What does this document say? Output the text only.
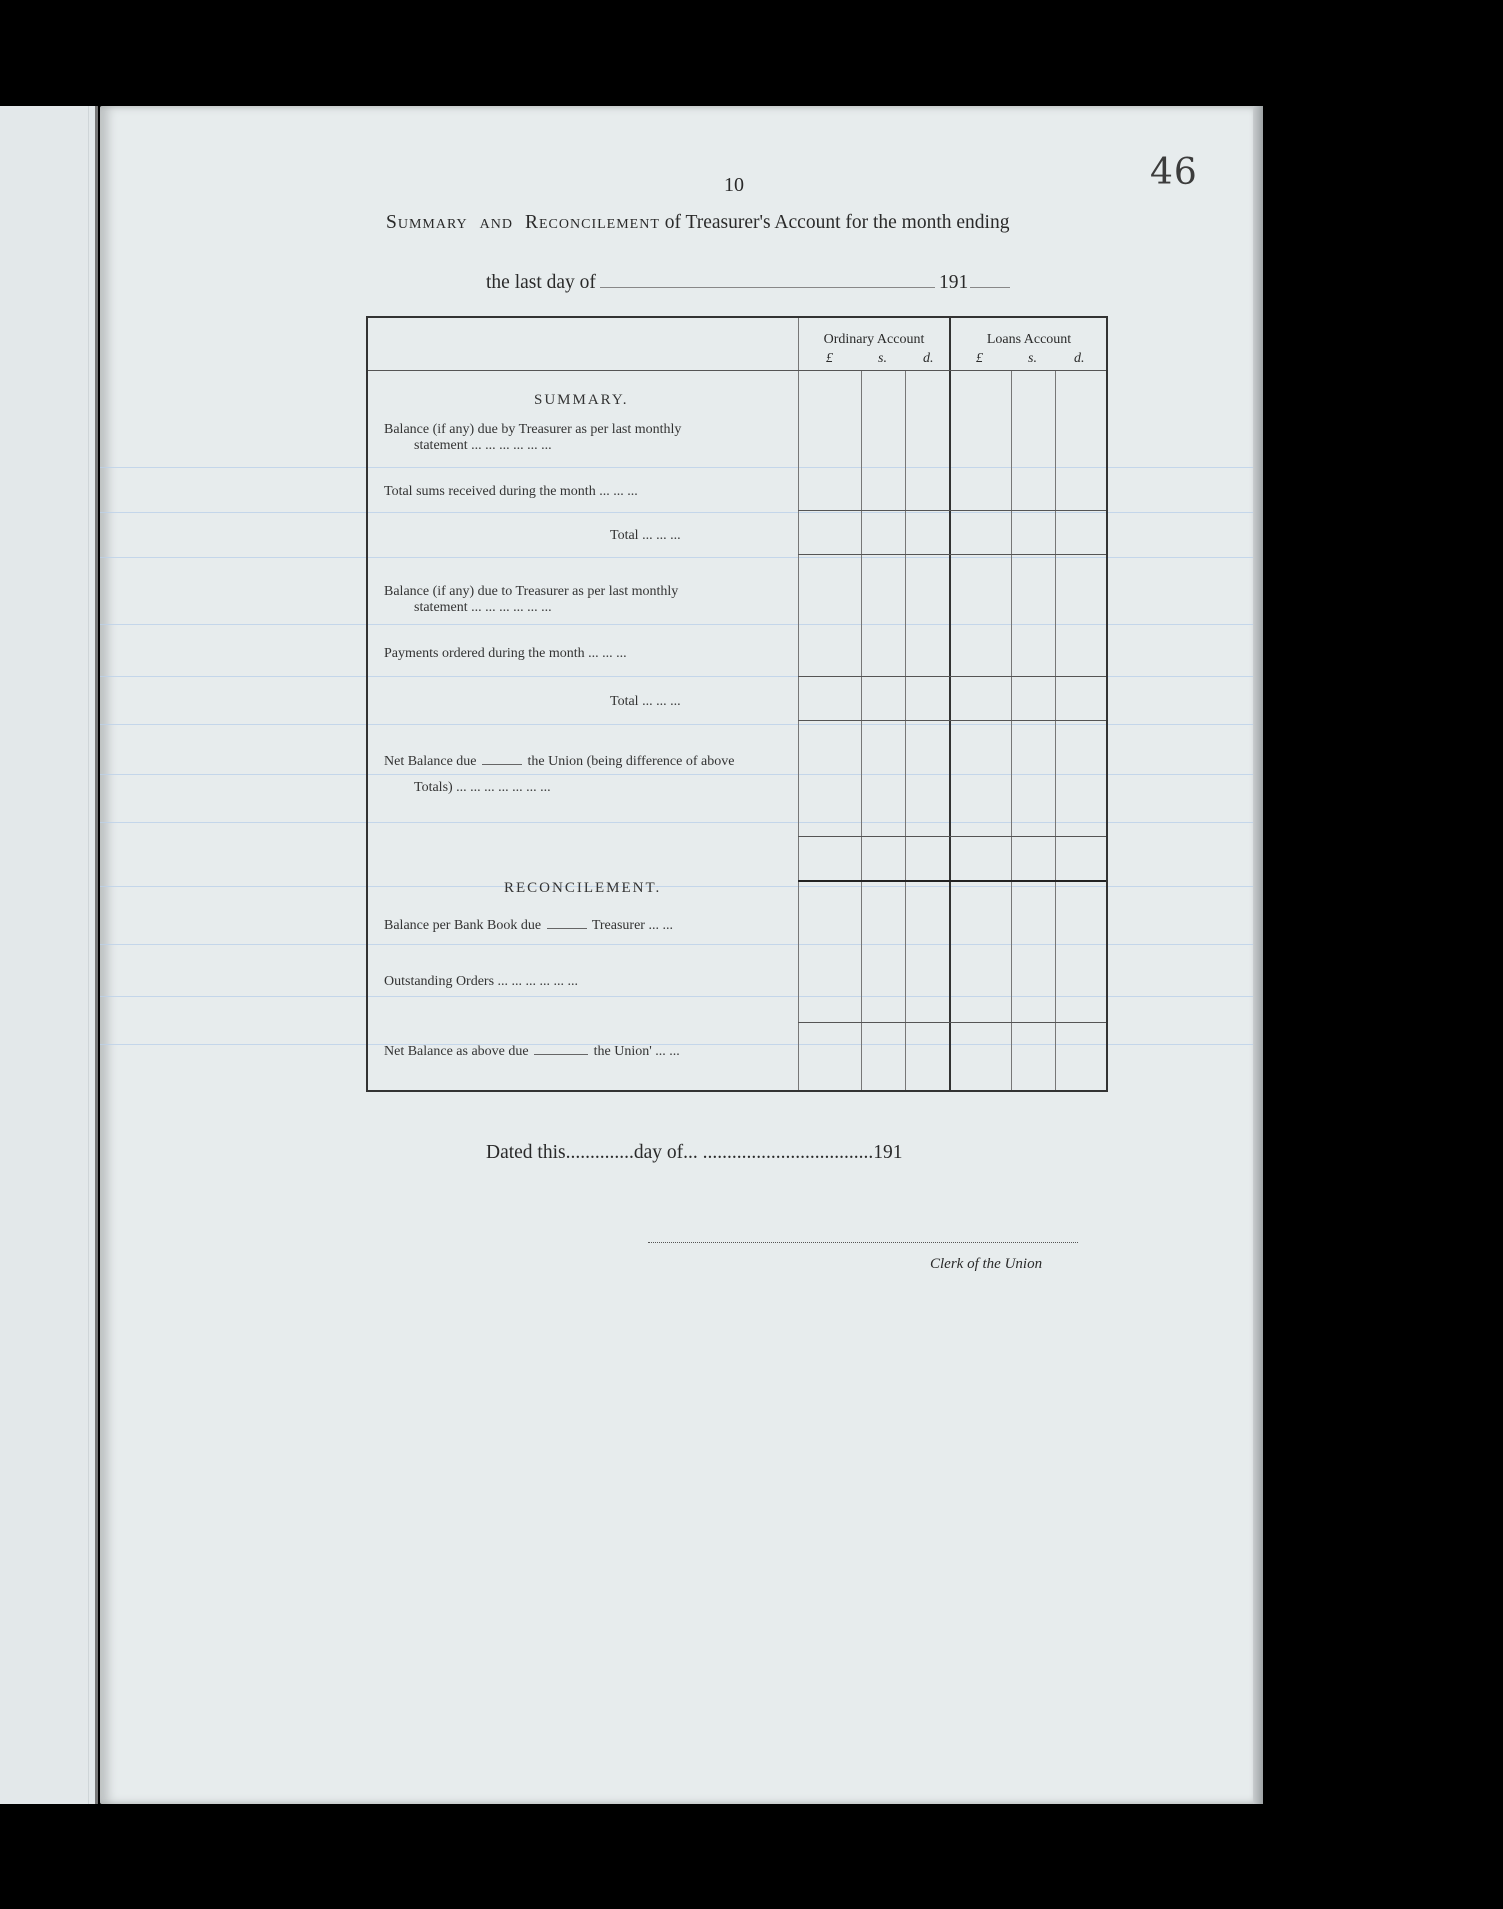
10	46
Summary and Reconcilement of Treasurer's Account for the month ending
the last day of	191
Ordinary Account	Loans Account
£	s.	d.	£	s.	d.
SUMMARY.
Balance (if any) due by Treasurer as per last monthly
statement ... ... ... ... ... ...
Total sums received during the month ... ... ...
Total ... ... ...
Balance (if any) due to Treasurer as per last monthly
statement ... ... ... ... ... ...
Payments ordered during the month ... ... ...
Total ... ... ...
Net Balance due	the Union (being difference of above
Totals) ... ... ... ... ... ... ...
RECONCILEMENT.
Balance per Bank Book due	Treasurer ... ...
Outstanding Orders ... ... ... ... ... ...
Net Balance as above due	the Union' ... ...
Dated this..............day of... ...................................191
Clerk of the Union
